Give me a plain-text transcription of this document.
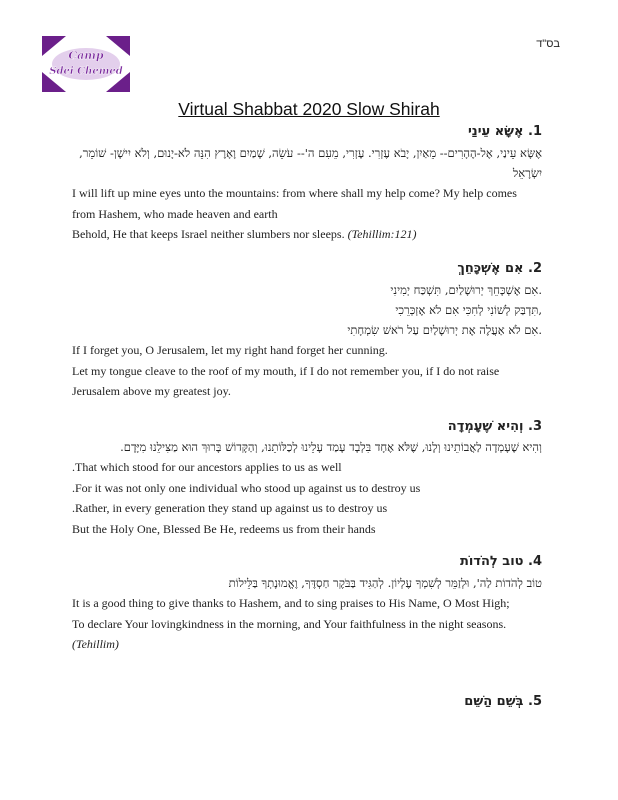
בס"ד
Camp
Sdei Chemed
Virtual Shabbat 2020 Slow Shirah
1. אֶשָּׂא עֵינַי
אֶשָּׂא עֵינַי, אֶל-הֶהָרִים-- מֵאַיִן, יָבֹא עֶזְרִי. עֶזְרִי, מֵעִם ה'-- עֹשֵׂה, שָׁמַיִם וָאָרֶץ הִנֵּה לֹא-יָנוּם, וְלֹא יִישָׁן- שׁוֹמֵר,
יִשְׂרָאֵל
I will lift up mine eyes unto the mountains: from where shall my help come? My help comes
from Hashem, who made heaven and earth
Behold, He that keeps Israel neither slumbers nor sleeps. (Tehillim:121)
2. אִם אֶשְׁכָּחֵךְ
.אִם אֶשְׁכָּחֵךְ יְרוּשָׁלַיִם, תִּשְׁכַּח יְמִינִי
,תִּדְבַּק לְשׁוֹנִי לְחִכִּי אִם לֹא אֶזְכְּרֵכִי
.אִם לֹא אַעֲלֶה אֶת יְרוּשָׁלַיִם עַל רֹאשׁ שִׂמְחָתִי
If I forget you, O Jerusalem, let my right hand forget her cunning.
Let my tongue cleave to the roof of my mouth, if I do not remember you, if I do not raise
Jerusalem above my greatest joy.
3. וְהִיא שֶׁעָמְדָה
וְהִיא שֶׁעָמְדָה לַאֲבוֹתֵינוּ וְלָנוּ, שֶׁלֹּא אֶחָד בִּלְבָד עָמַד עָלֵינוּ לְכַלּוֹתֵנוּ, וְהַקָּדוֹשׁ בָּרוּךְ הוּא מַצִּילֵנוּ מִיָּדָם.
.That which stood for our ancestors applies to us as well
.For it was not only one individual who stood up against us to destroy us
.Rather, in every generation they stand up against us to destroy us
But the Holy One, Blessed Be He, redeems us from their hands
4. טוב לְהֹדוֹת
טוֹב לְהֹדוֹת לַה', וּלְזַמֵּר לְשִׁמְךָ עֶלְיוֹן. לְהַגִּיד בַּבֹּקֶר חַסְדֶּךָ, וֶאֱמוּנָתְךָ בַּלֵּילוֹת
It is a good thing to give thanks to Hashem, and to sing praises to His Name, O Most High;
To declare Your lovingkindness in the morning, and Your faithfulness in the night seasons.
(Tehillim)
5. בְּשֵׁם הַשֵּׁם
